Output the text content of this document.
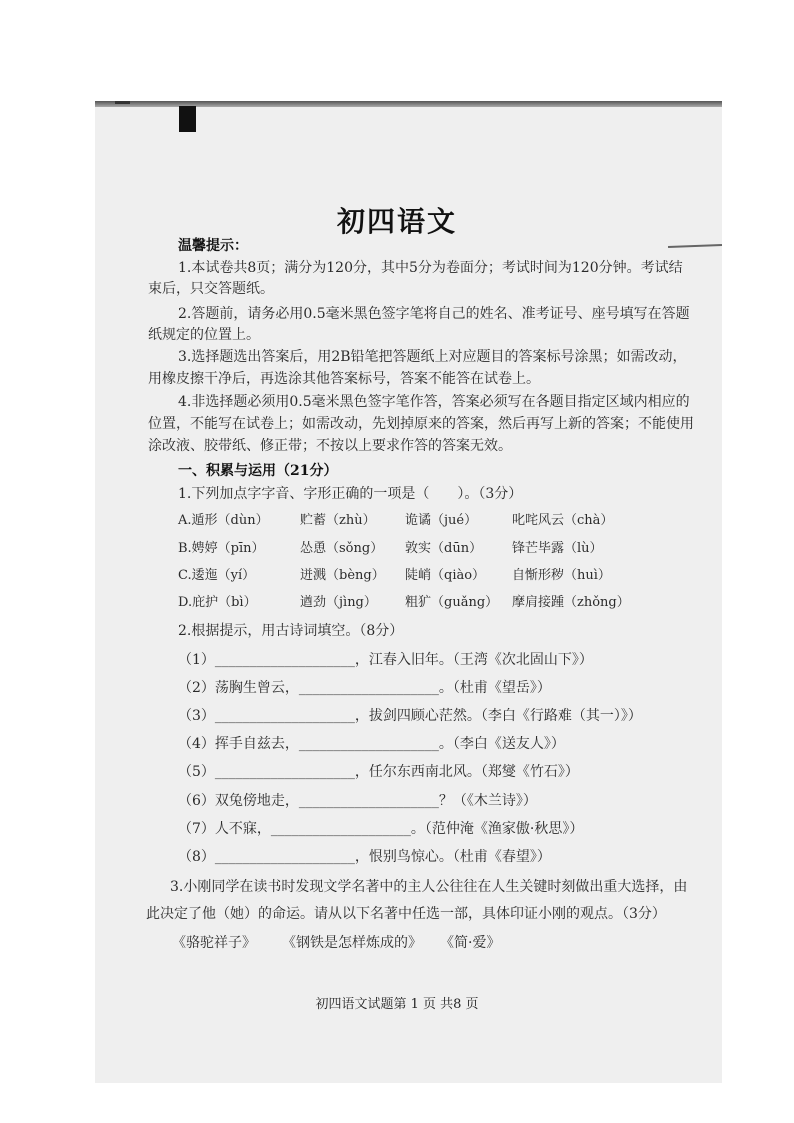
初四语文
温馨提示：
1.本试卷共8页；满分为120分，其中5分为卷面分；考试时间为120分钟。考试结
束后，只交答题纸。
2.答题前，请务必用0.5毫米黑色签字笔将自己的姓名、准考证号、座号填写在答题
纸规定的位置上。
3.选择题选出答案后，用2B铅笔把答题纸上对应题目的答案标号涂黑；如需改动，
用橡皮擦干净后，再选涂其他答案标号，答案不能答在试卷上。
4.非选择题必须用0.5毫米黑色签字笔作答，答案必须写在各题目指定区域内相应的
位置，不能写在试卷上；如需改动，先划掉原来的答案，然后再写上新的答案；不能使用
涂改液、胶带纸、修正带；不按以上要求作答的答案无效。
一、积累与运用（21分）
1.下列加点字字音、字形正确的一项是（　　）。（3分）
A.遁形（dùn） 贮蓄（zhù） 诡谲（jué）	叱咤风云（chà）
B.娉婷（pīn）	怂恿（sǒng） 敦实（dūn） 锋芒毕露（lù）
C.逶迤（yí）	迸溅（bèng） 陡峭（qiào） 自惭形秽（huì）
D.庇护（bì）	遒劲（jìng） 粗犷（guǎng） 摩肩接踵（zhǒng）
2.根据提示，用古诗词填空。（8分）
（1）____________________，江春入旧年。（王湾《次北固山下》）
（2）荡胸生曾云，____________________。（杜甫《望岳》）
（3）____________________，拔剑四顾心茫然。（李白《行路难（其一）》）
（4）挥手自兹去，____________________。（李白《送友人》）
（5）____________________，任尔东西南北风。（郑燮《竹石》）
（6）双兔傍地走，____________________？（《木兰诗》）
（7）人不寐，____________________。（范仲淹《渔家傲·秋思》）
（8）____________________，恨别鸟惊心。（杜甫《春望》）
3.小刚同学在读书时发现文学名著中的主人公往往在人生关键时刻做出重大选择，由
此决定了他（她）的命运。请从以下名著中任选一部，具体印证小刚的观点。（3分）
《骆驼祥子》 《钢铁是怎样炼成的》 《简·爱》
初四语文试题第 1 页 共8 页
